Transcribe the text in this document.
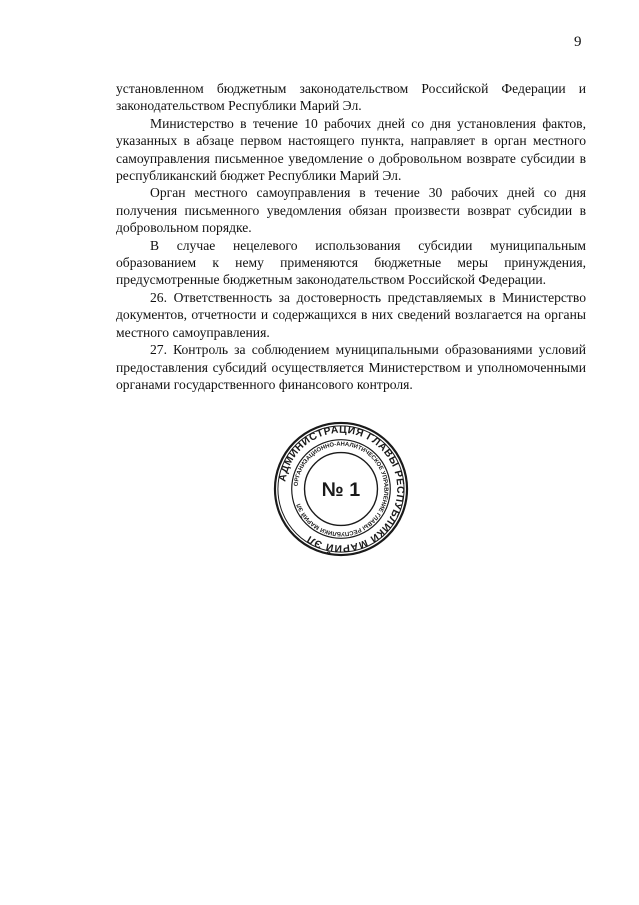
9

установленном бюджетным законодательством Российской Федерации и законодательством Республики Марий Эл.

Министерство в течение 10 рабочих дней со дня установления фактов, указанных в абзаце первом настоящего пункта, направляет в орган местного самоуправления письменное уведомление о добровольном возврате субсидии в республиканский бюджет Республики Марий Эл.

Орган местного самоуправления в течение 30 рабочих дней со дня получения письменного уведомления обязан произвести возврат субсидии в добровольном порядке.

В случае нецелевого использования субсидии муниципальным образованием к нему применяются бюджетные меры принуждения, предусмотренные бюджетным законодательством Российской Федерации.

26. Ответственность за достоверность представляемых в Министерство документов, отчетности и содержащихся в них сведений возлагается на органы местного самоуправления.

27. Контроль за соблюдением муниципальными образованиями условий предоставления субсидий осуществляется Министерством и уполномоченными органами государственного финансового контроля.

АДМИНИСТРАЦИЯ ГЛАВЫ РЕСПУБЛИКИ МАРИЙ ЭЛ
ОРГАНИЗАЦИОННО-АНАЛИТИЧЕСКОЕ УПРАВЛЕНИЕ ГЛАВЫ РЕСПУБЛИКИ МАРИЙ ЭЛ
№ 1
